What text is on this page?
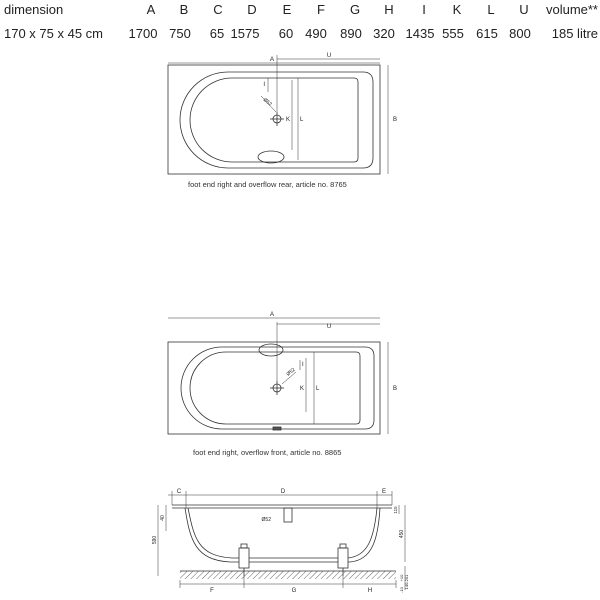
dimension	A B C D E F G H I K L U volume**
170 x 75 x 45 cm 1700 750 65 1575 60 490 890 320 1435 555 615 800 185 litre
A
U
B
K L
I
Ø52
A
U
B
K L
I
Ø52
C	D	E
F	G	H
40
590
115
450
Ø52
+10 140-201
-10
foot end right and overflow rear, article no. 8765
foot end right, overflow front, article no. 8865
